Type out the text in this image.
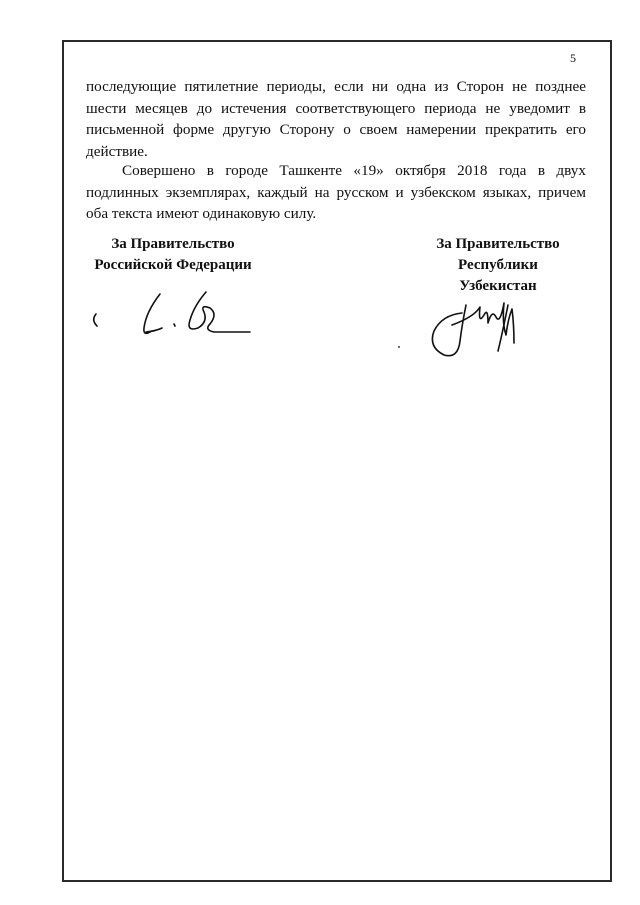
5

последующие пятилетние периоды, если ни одна из Сторон не позднее шести месяцев до истечения соответствующего периода не уведомит в письменной форме другую Сторону о своем намерении прекратить его действие.

Совершено в городе Ташкенте «19» октября 2018 года в двух подлинных экземплярах, каждый на русском и узбекском языках, причем оба текста имеют одинаковую силу.

За Правительство
Российской Федерации
За Правительство
Республики
Узбекистан
